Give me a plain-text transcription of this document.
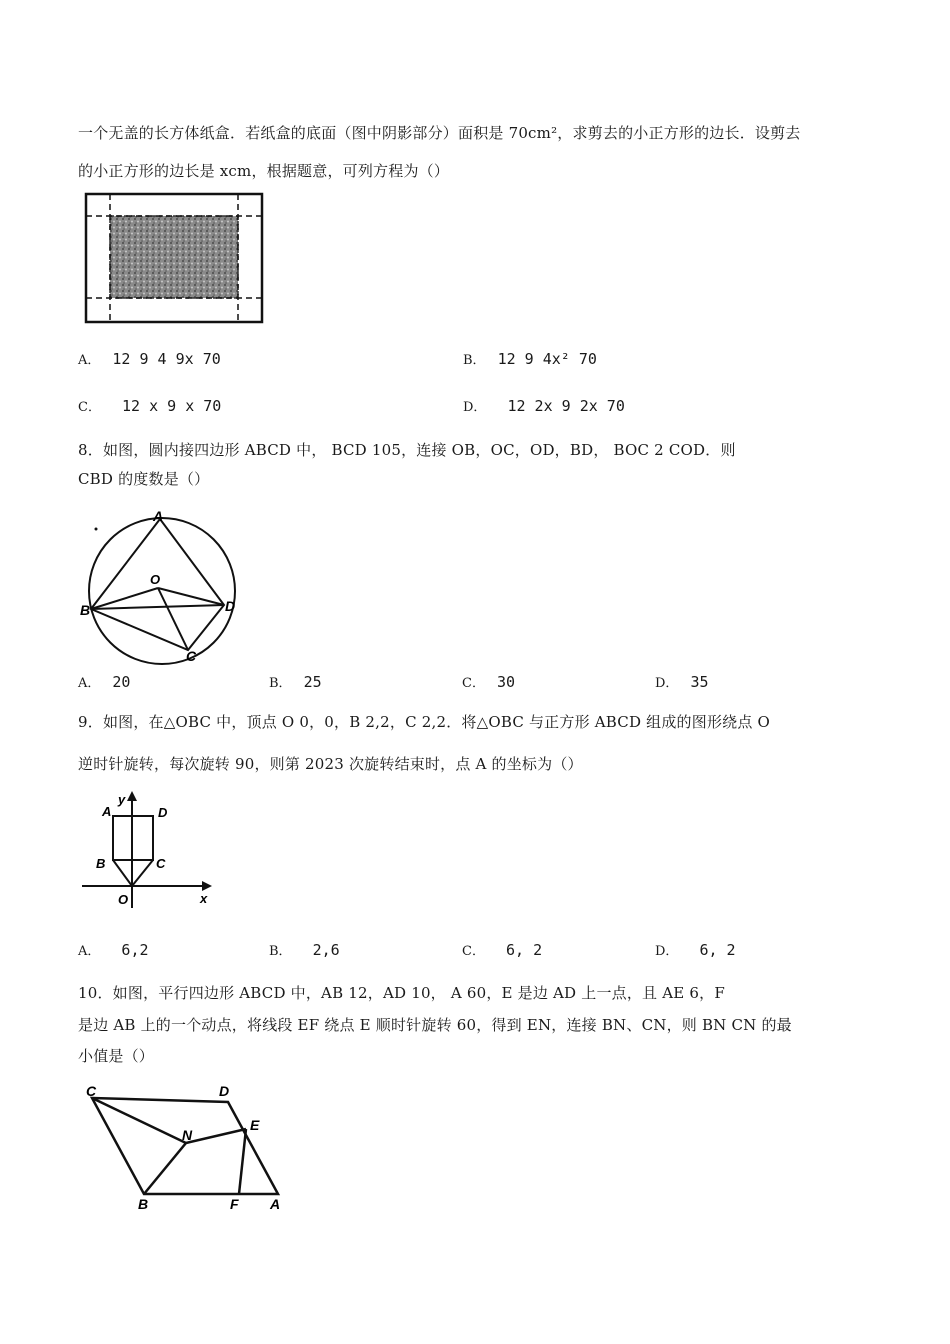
一个无盖的长方体纸盒．若纸盒的底面（图中阴影部分）面积是 70cm²，求剪去的小正方形的边长．设剪去
的小正方形的边长是 xcm，根据题意，可列方程为（）
A． 12 9 4 9x 70	B． 12 9 4x² 70
C． 12 x 9 x 70	D． 12 2x 9 2x 70
8．如图，圆内接四边形 ABCD 中， BCD 105，连接 OB，OC，OD，BD， BOC 2 COD．则
CBD 的度数是（）
A
B
C
D
O
A． 20	B． 25	C． 30	D． 35
9．如图，在△OBC 中，顶点 O 0，0，B 2,2，C 2,2．将△OBC 与正方形 ABCD 组成的图形绕点 O
逆时针旋转，每次旋转 90，则第 2023 次旋转结束时，点 A 的坐标为（）
A	D
B	C
O	x
y
A． 6,2	B． 2,6	C． 6, 2	D． 6, 2
10．如图，平行四边形 ABCD 中，AB 12，AD 10， A 60，E 是边 AD 上一点，且 AE 6，F
是边 AB 上的一个动点，将线段 EF 绕点 E 顺时针旋转 60，得到 EN，连接 BN、CN，则 BN CN 的最
小值是（）
C	D
E
N
B	F A
